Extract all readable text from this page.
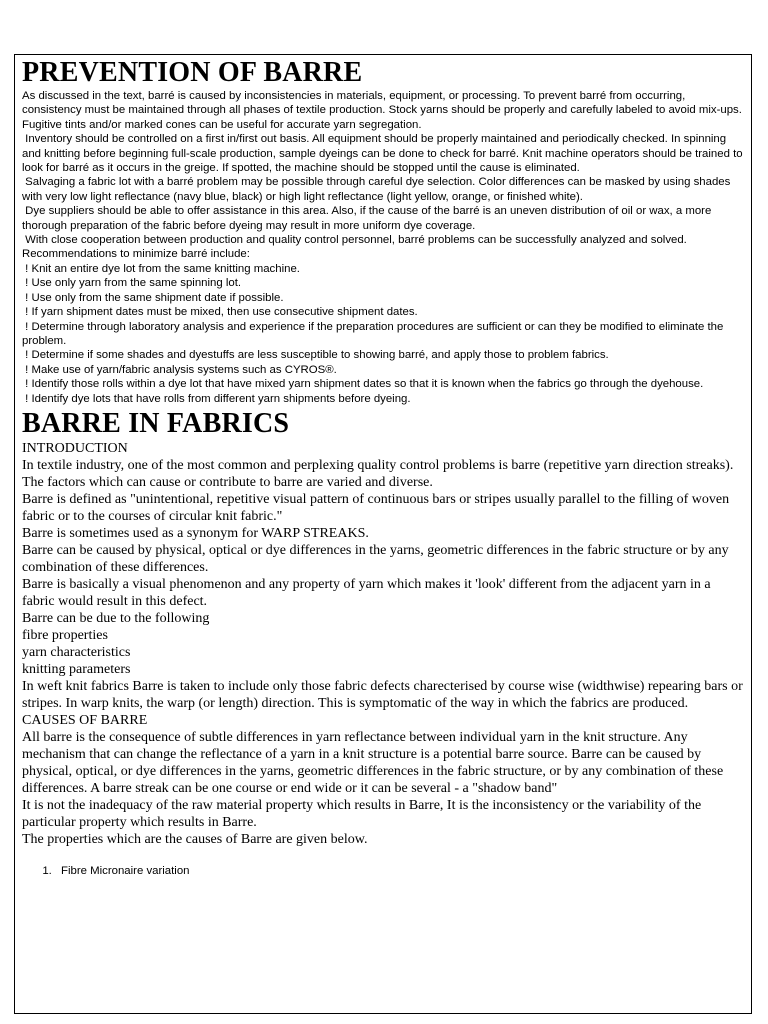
PREVENTION OF BARRE

As discussed in the text, barré is caused by inconsistencies in materials, equipment, or processing. To prevent barré from occurring, consistency must be maintained through all phases of textile production. Stock yarns should be properly and carefully labeled to avoid mix-ups. Fugitive tints and/or marked cones can be useful for accurate yarn segregation.

Inventory should be controlled on a first in/first out basis. All equipment should be properly maintained and periodically checked. In spinning and knitting before beginning full-scale production, sample dyeings can be done to check for barré. Knit machine operators should be trained to look for barré as it occurs in the greige. If spotted, the machine should be stopped until the cause is eliminated.

Salvaging a fabric lot with a barré problem may be possible through careful dye selection. Color differences can be masked by using shades with very low light reflectance (navy blue, black) or high light reflectance (light yellow, orange, or finished white).

Dye suppliers should be able to offer assistance in this area. Also, if the cause of the barré is an uneven distribution of oil or wax, a more thorough preparation of the fabric before dyeing may result in more uniform dye coverage.

With close cooperation between production and quality control personnel, barré problems can be successfully analyzed and solved. Recommendations to minimize barré include:

! Knit an entire dye lot from the same knitting machine.

! Use only yarn from the same spinning lot.

! Use only from the same shipment date if possible.

! If yarn shipment dates must be mixed, then use consecutive shipment dates.

! Determine through laboratory analysis and experience if the preparation procedures are sufficient or can they be modified to eliminate the problem.

! Determine if some shades and dyestuffs are less susceptible to showing barré, and apply those to problem fabrics.

! Make use of yarn/fabric analysis systems such as CYROS®.

! Identify those rolls within a dye lot that have mixed yarn shipment dates so that it is known when the fabrics go through the dyehouse.

! Identify dye lots that have rolls from different yarn shipments before dyeing.

BARRE IN FABRICS

INTRODUCTION

In textile industry, one of the most common and perplexing quality control problems is barre (repetitive yarn direction streaks). The factors which can cause or contribute to barre are varied and diverse.

Barre is defined as "unintentional, repetitive visual pattern of continuous bars or stripes usually parallel to the filling of woven fabric or to the courses of circular knit fabric."

Barre is sometimes used as a synonym for WARP STREAKS.

Barre can be caused by physical, optical or dye differences in the yarns, geometric differences in the fabric structure or by any combination of these differences.

Barre is basically a visual phenomenon and any property of yarn which makes it 'look' different from the adjacent yarn in a fabric would result in this defect.

Barre can be due to the following

fibre properties

yarn characteristics

knitting parameters

In weft knit fabrics Barre is taken to include only those fabric defects charecterised by course wise (widthwise) repearing bars or stripes. In warp knits, the warp (or length) direction. This is symptomatic of the way in which the fabrics are produced.

CAUSES OF BARRE

All barre is the consequence of subtle differences in yarn reflectance between individual yarn in the knit structure. Any mechanism that can change the reflectance of a yarn in a knit structure is a potential barre source. Barre can be caused by physical, optical, or dye differences in the yarns, geometric differences in the fabric structure, or by any combination of these differences. A barre streak can be one course or end wide or it can be several - a "shadow band"

It is not the inadequacy of the raw material property which results in Barre, It is the inconsistency or the variability of the particular property which results in Barre.

The properties which are the causes of Barre are given below.

1. Fibre Micronaire variation
